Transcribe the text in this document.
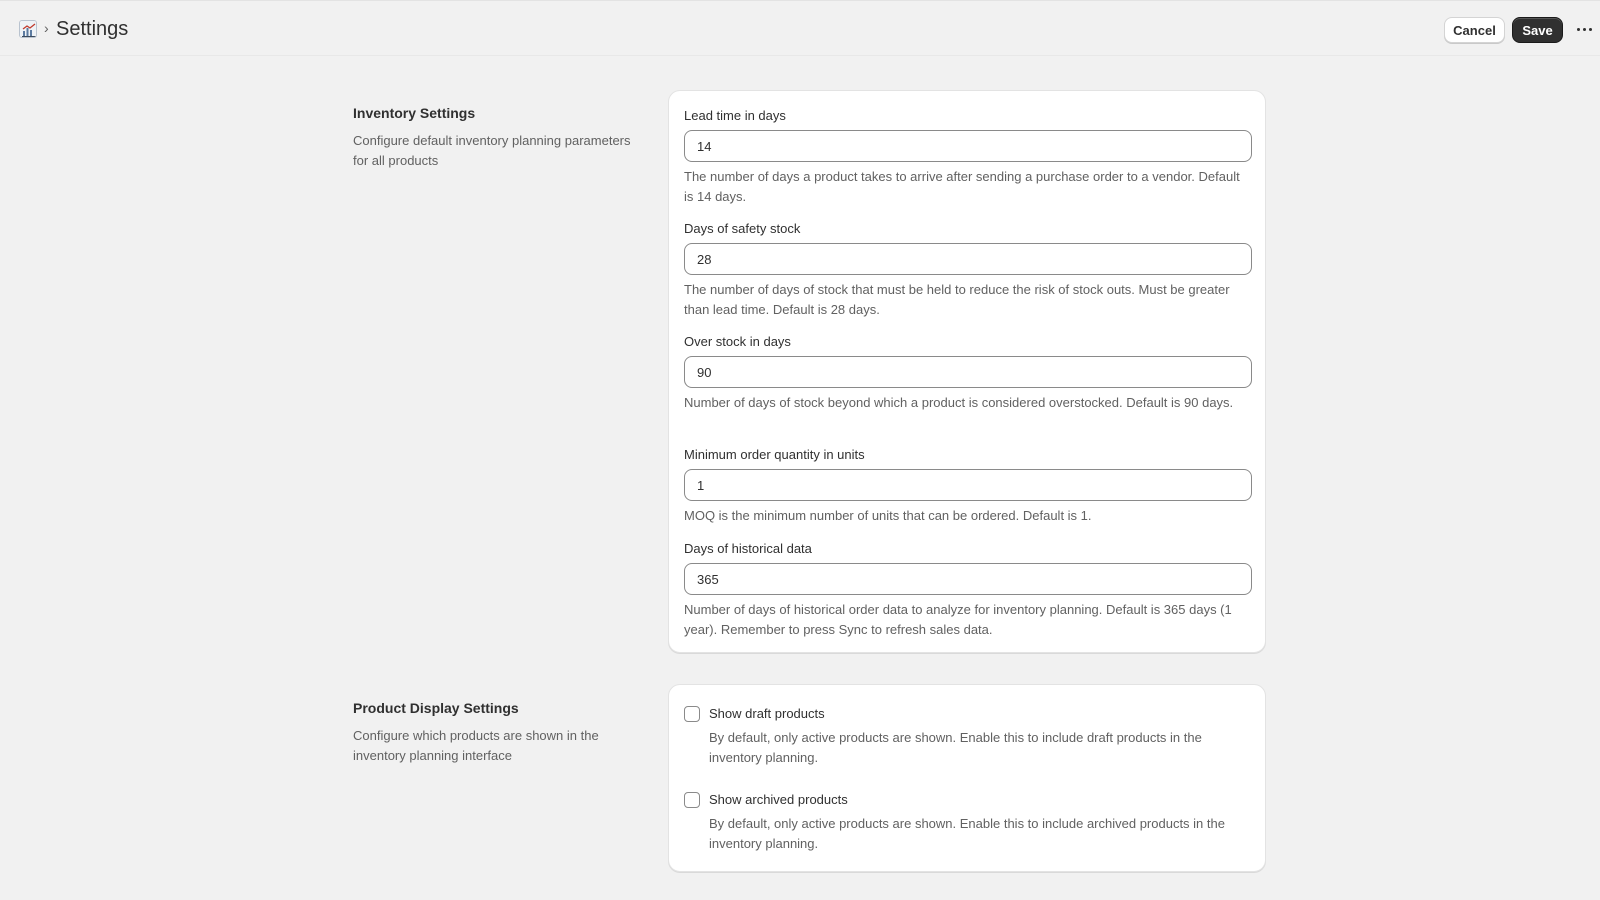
› Settings	Cancel	Save
Inventory Settings
Configure default inventory planning parameters for all products
Lead time in days
14
The number of days a product takes to arrive after sending a purchase order to a vendor. Default is 14 days.
Days of safety stock
28
The number of days of stock that must be held to reduce the risk of stock outs. Must be greater than lead time. Default is 28 days.
Over stock in days
90
Number of days of stock beyond which a product is considered overstocked. Default is 90 days.
Minimum order quantity in units
1
MOQ is the minimum number of units that can be ordered. Default is 1.
Days of historical data
365
Number of days of historical order data to analyze for inventory planning. Default is 365 days (1 year). Remember to press Sync to refresh sales data.
Product Display Settings
Configure which products are shown in the inventory planning interface
Show draft products
By default, only active products are shown. Enable this to include draft products in the inventory planning.
Show archived products
By default, only active products are shown. Enable this to include archived products in the inventory planning.
